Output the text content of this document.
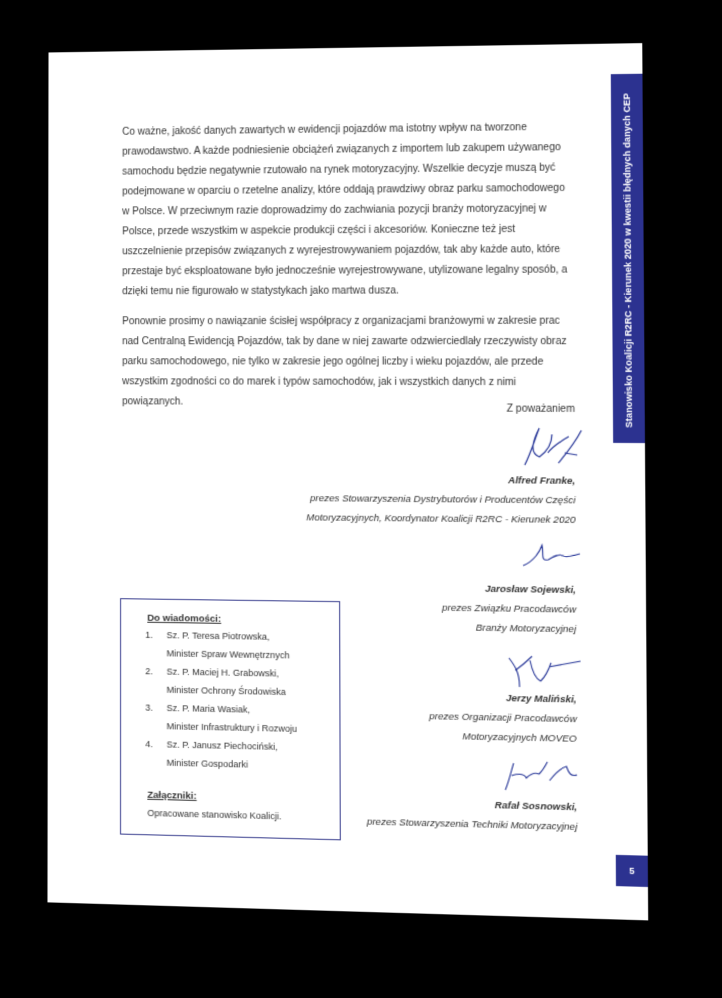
Stanowisko Koalicji R2RC - Kierunek 2020 w kwestii błędnych danych CEP
Co ważne, jakość danych zawartych w ewidencji pojazdów ma istotny wpływ na tworzone prawodawstwo. A każde podniesienie obciążeń związanych z importem lub zakupem używanego samochodu będzie negatywnie rzutowało na rynek motoryzacyjny. Wszelkie decyzje muszą być podejmowane w oparciu o rzetelne analizy, które oddają prawdziwy obraz parku samochodowego w Polsce. W przeciwnym razie doprowadzimy do zachwiania pozycji branży motoryzacyjnej w Polsce, przede wszystkim w aspekcie produkcji części i akcesoriów. Konieczne też jest uszczelnienie przepisów związanych z wyrejestrowywaniem pojazdów, tak aby każde auto, które przestaje być eksploatowane było jednocześnie wyrejestrowywane, utylizowane legalny sposób, a dzięki temu nie figurowało w statystykach jako martwa dusza.
Ponownie prosimy o nawiązanie ścisłej współpracy z organizacjami branżowymi w zakresie prac nad Centralną Ewidencją Pojazdów, tak by dane w niej zawarte odzwierciedlały rzeczywisty obraz parku samochodowego, nie tylko w zakresie jego ogólnej liczby i wieku pojazdów, ale przede wszystkim zgodności co do marek i typów samochodów, jak i wszystkich danych z nimi powiązanych.
Z poważaniem
Alfred Franke,
prezes Stowarzyszenia Dystrybutorów i Producentów Części
Motoryzacyjnych, Koordynator Koalicji R2RC - Kierunek 2020
Jarosław Sojewski,
prezes Związku Pracodawców
Branży Motoryzacyjnej
Jerzy Maliński,
prezes Organizacji Pracodawców
Motoryzacyjnych MOVEO
Rafał Sosnowski,
prezes Stowarzyszenia Techniki Motoryzacyjnej
Do wiadomości:
1. Sz. P. Teresa Piotrowska,
Minister Spraw Wewnętrznych
2. Sz. P. Maciej H. Grabowski,
Minister Ochrony Środowiska
3. Sz. P. Maria Wasiak,
Minister Infrastruktury i Rozwoju
4. Sz. P. Janusz Piechociński,
Minister Gospodarki
Załączniki:
Opracowane stanowisko Koalicji.
5
